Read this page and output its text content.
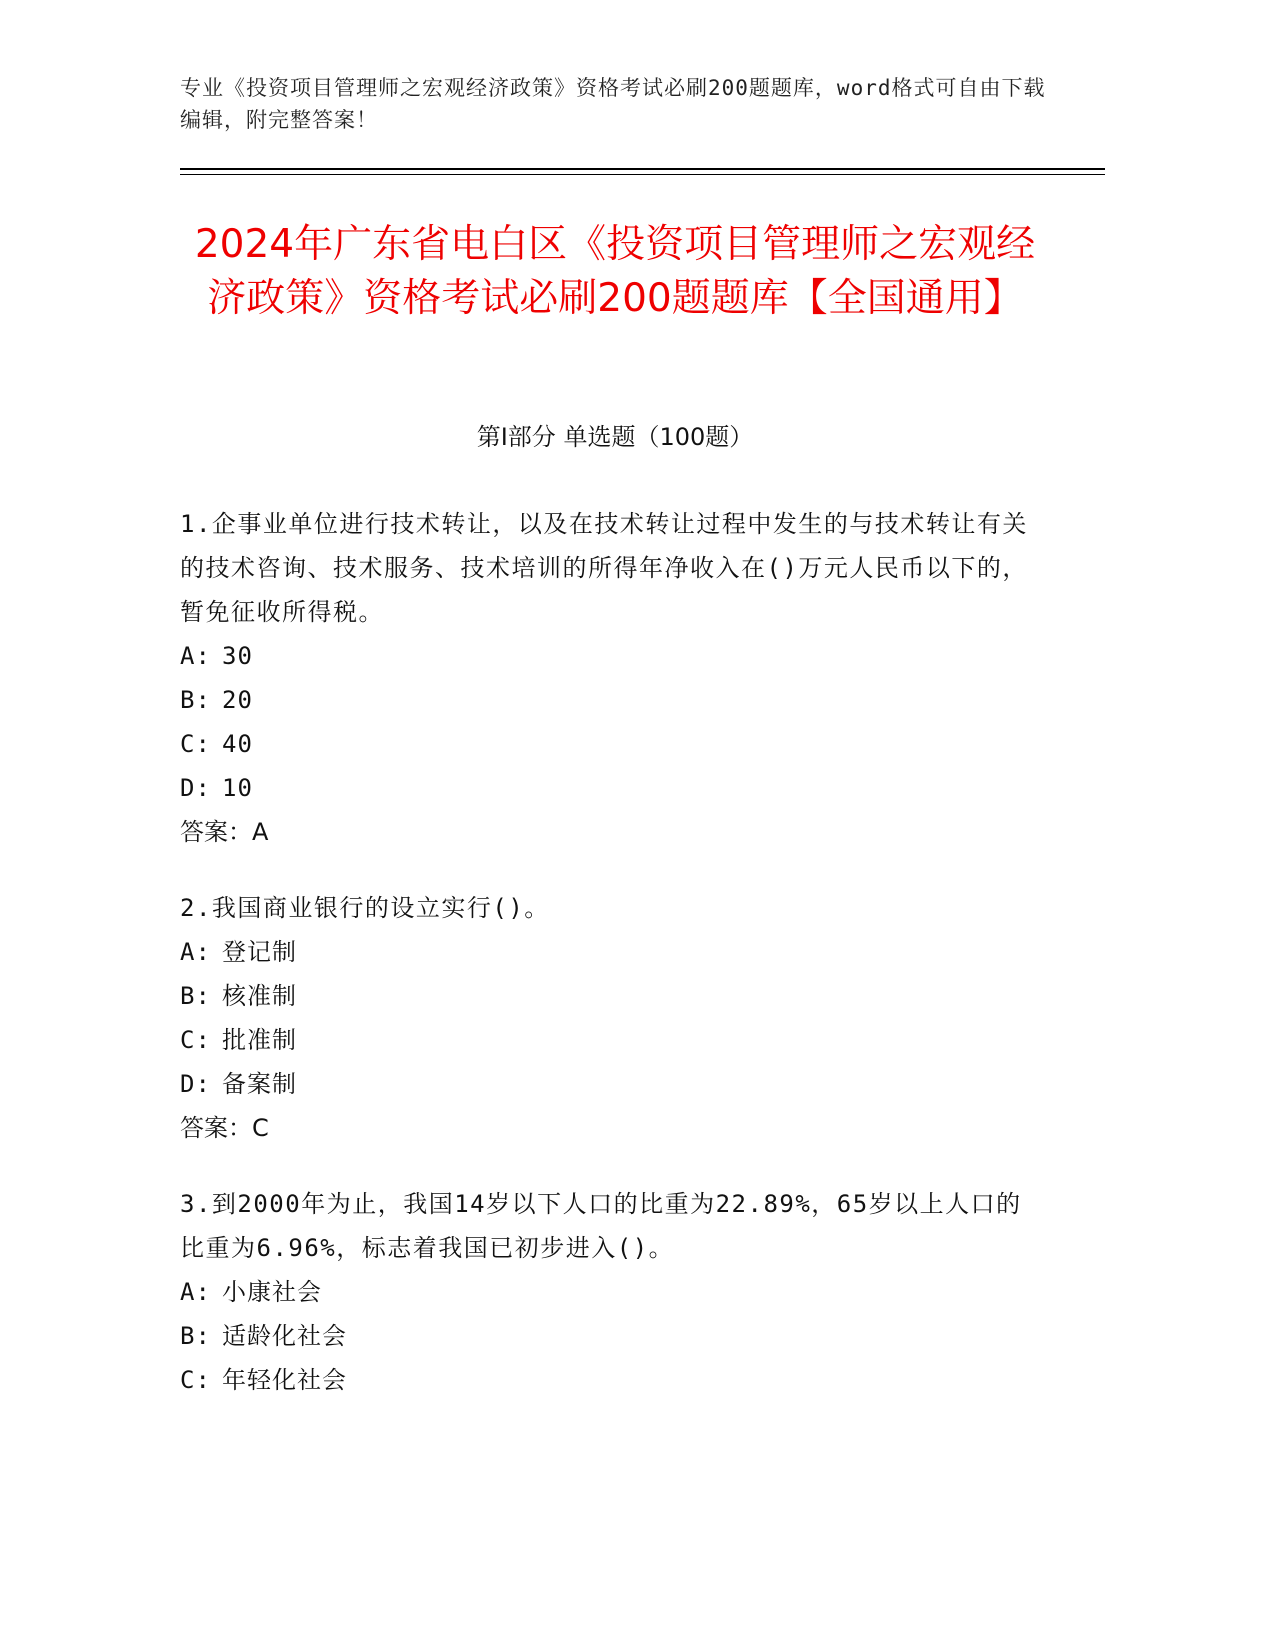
专业《投资项目管理师之宏观经济政策》资格考试必刷200题题库，word格式可自由下载编辑，附完整答案！
2024年广东省电白区《投资项目管理师之宏观经济政策》资格考试必刷200题题库【全国通用】
第Ⅰ部分 单选题（100题）

1.企事业单位进行技术转让，以及在技术转让过程中发生的与技术转让有关的技术咨询、技术服务、技术培训的所得年净收入在()万元人民币以下的，暂免征收所得税。

A: 30

B: 20

C: 40

D: 10

答案：A

2.我国商业银行的设立实行()。

A: 登记制

B: 核准制

C: 批准制

D: 备案制

答案：C

3.到2000年为止，我国14岁以下人口的比重为22.89%，65岁以上人口的比重为6.96%，标志着我国已初步进入()。

A: 小康社会

B: 适龄化社会

C: 年轻化社会
